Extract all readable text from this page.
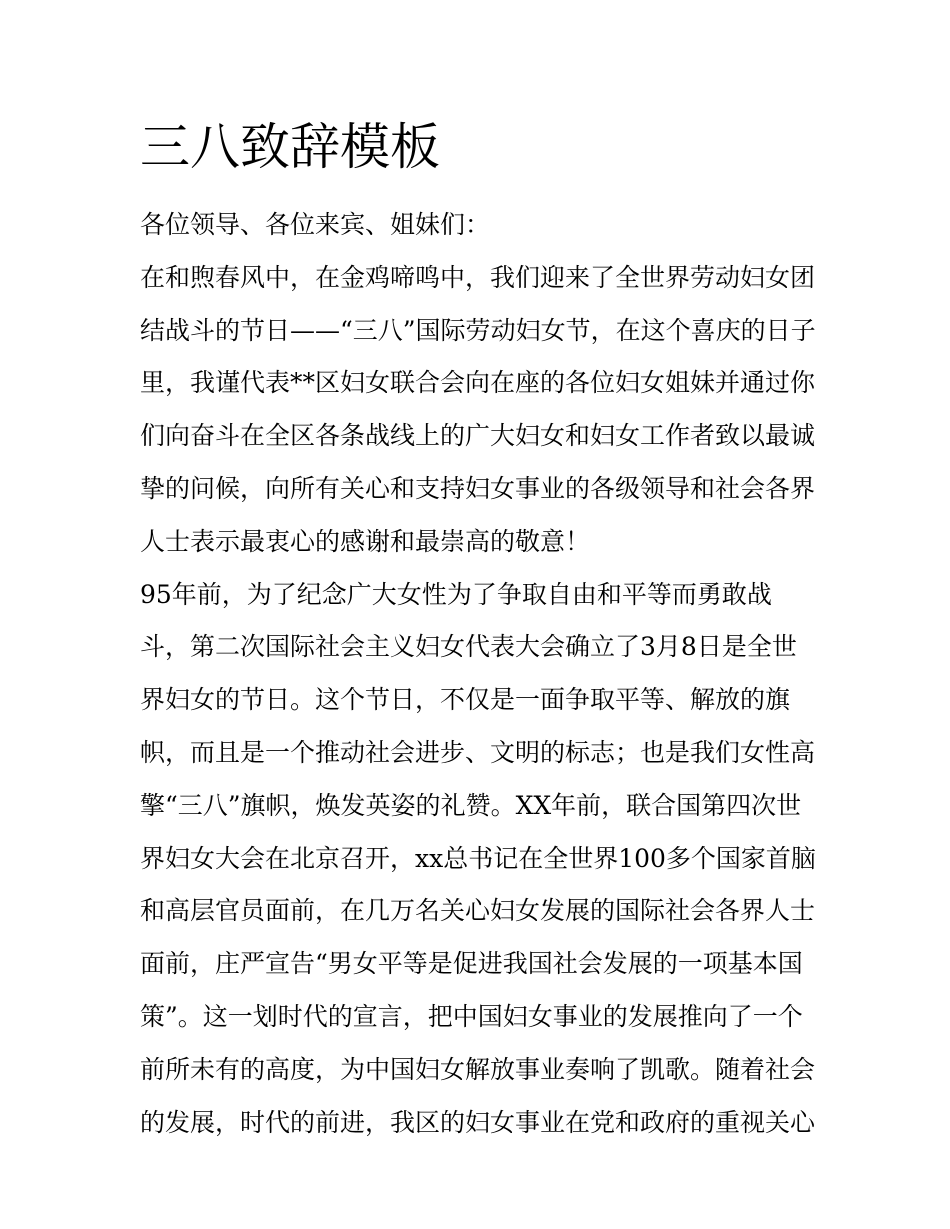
三八致辞模板
各位领导、各位来宾、姐妹们：
在和煦春风中，在金鸡啼鸣中，我们迎来了全世界劳动妇女团
结战斗的节日——“三八”国际劳动妇女节，在这个喜庆的日子
里，我谨代表**区妇女联合会向在座的各位妇女姐妹并通过你
们向奋斗在全区各条战线上的广大妇女和妇女工作者致以最诚
挚的问候，向所有关心和支持妇女事业的各级领导和社会各界
人士表示最衷心的感谢和最崇高的敬意！
95年前，为了纪念广大女性为了争取自由和平等而勇敢战
斗，第二次国际社会主义妇女代表大会确立了3月8日是全世
界妇女的节日。这个节日，不仅是一面争取平等、解放的旗
帜，而且是一个推动社会进步、文明的标志；也是我们女性高
擎“三八”旗帜，焕发英姿的礼赞。XX年前，联合国第四次世
界妇女大会在北京召开，xx总书记在全世界100多个国家首脑
和高层官员面前，在几万名关心妇女发展的国际社会各界人士
面前，庄严宣告“男女平等是促进我国社会发展的一项基本国
策”。这一划时代的宣言，把中国妇女事业的发展推向了一个
前所未有的高度，为中国妇女解放事业奏响了凯歌。随着社会
的发展，时代的前进，我区的妇女事业在党和政府的重视关心
